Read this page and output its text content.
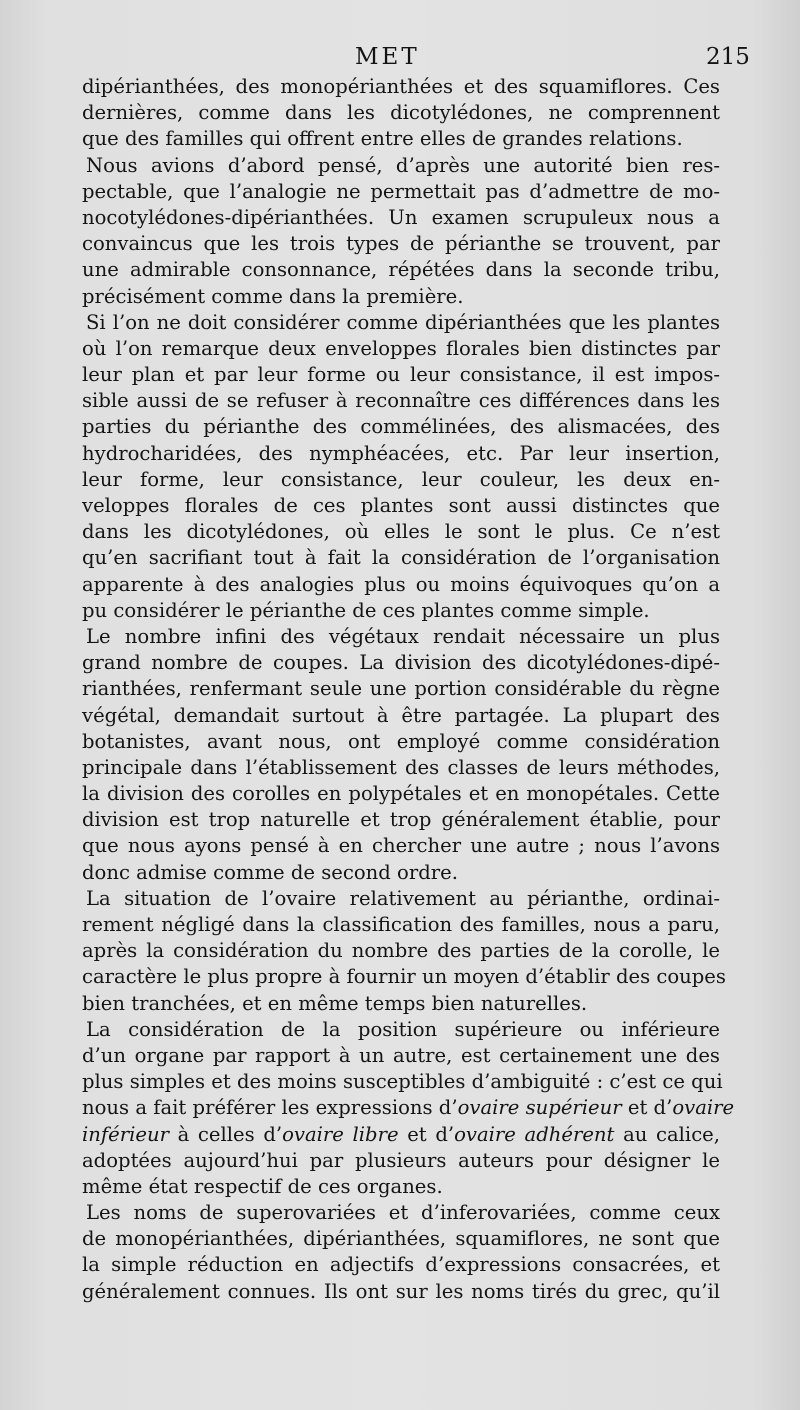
MET	215

dipérianthées, des monopérianthées et des squamiflores. Ces
dernières, comme dans les dicotylédones, ne comprennent
que des familles qui offrent entre elles de grandes relations.

Nous avions d’abord pensé, d’après une autorité bien res-
pectable, que l’analogie ne permettait pas d’admettre de mo-
nocotylédones-dipérianthées. Un examen scrupuleux nous a
convaincus que les trois types de périanthe se trouvent, par
une admirable consonnance, répétées dans la seconde tribu,
précisément comme dans la première.

Si l’on ne doit considérer comme dipérianthées que les plantes
où l’on remarque deux enveloppes florales bien distinctes par
leur plan et par leur forme ou leur consistance, il est impos-
sible aussi de se refuser à reconnaître ces différences dans les
parties du périanthe des commélinées, des alismacées, des
hydrocharidées, des nymphéacées, etc. Par leur insertion,
leur forme, leur consistance, leur couleur, les deux en-
veloppes florales de ces plantes sont aussi distinctes que
dans les dicotylédones, où elles le sont le plus. Ce n’est
qu’en sacrifiant tout à fait la considération de l’organisation
apparente à des analogies plus ou moins équivoques qu’on a
pu considérer le périanthe de ces plantes comme simple.

Le nombre infini des végétaux rendait nécessaire un plus
grand nombre de coupes. La division des dicotylédones-dipé-
rianthées, renfermant seule une portion considérable du règne
végétal, demandait surtout à être partagée. La plupart des
botanistes, avant nous, ont employé comme considération
principale dans l’établissement des classes de leurs méthodes,
la division des corolles en polypétales et en monopétales. Cette
division est trop naturelle et trop généralement établie, pour
que nous ayons pensé à en chercher une autre ; nous l’avons
donc admise comme de second ordre.

La situation de l’ovaire relativement au périanthe, ordinai-
rement négligé dans la classification des familles, nous a paru,
après la considération du nombre des parties de la corolle, le
caractère le plus propre à fournir un moyen d’établir des coupes
bien tranchées, et en même temps bien naturelles.

La considération de la position supérieure ou inférieure
d’un organe par rapport à un autre, est certainement une des
plus simples et des moins susceptibles d’ambiguité : c’est ce qui
nous a fait préférer les expressions d’ovaire supérieur et d’ovaire
inférieur à celles d’ovaire libre et d’ovaire adhérent au calice,
adoptées aujourd’hui par plusieurs auteurs pour désigner le
même état respectif de ces organes.

Les noms de superovariées et d’inferovariées, comme ceux
de monopérianthées, dipérianthées, squamiflores, ne sont que
la simple réduction en adjectifs d’expressions consacrées, et
généralement connues. Ils ont sur les noms tirés du grec, qu’il
